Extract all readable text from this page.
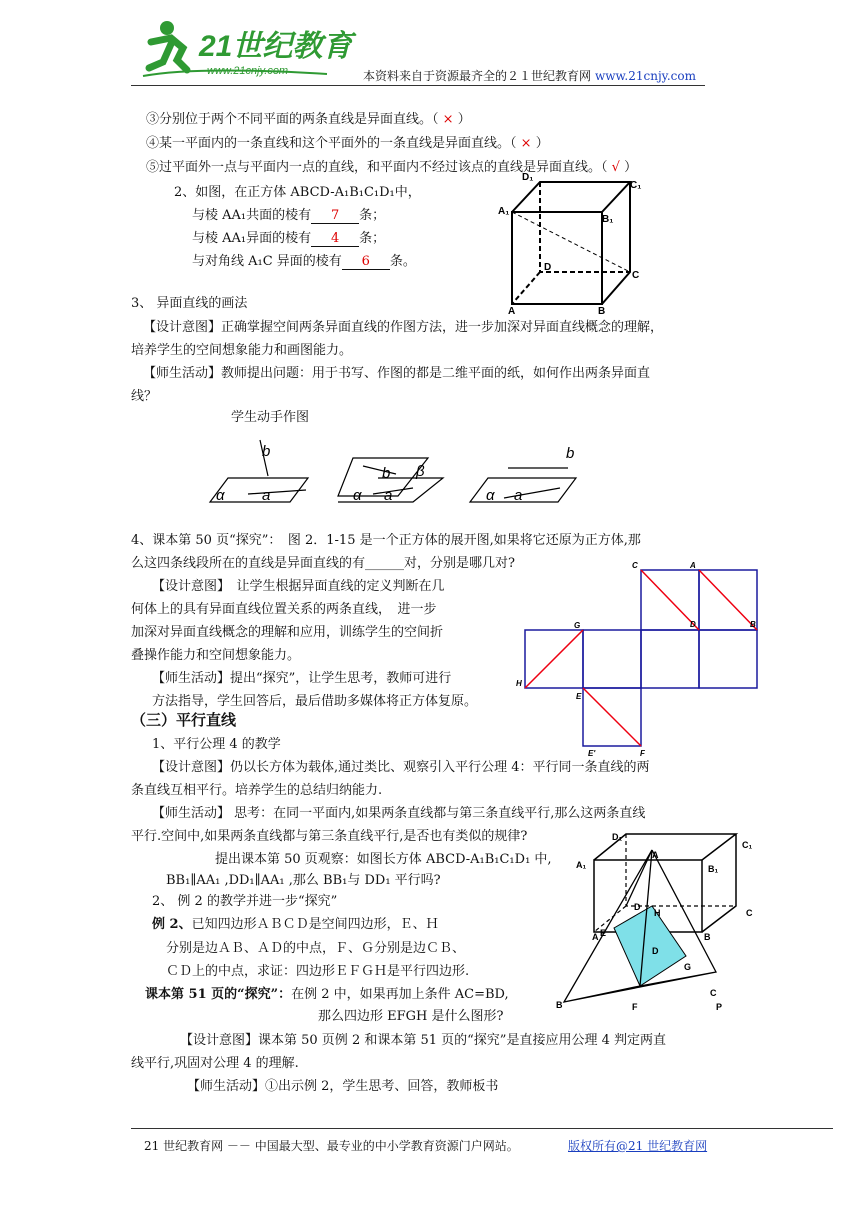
21世纪教育
www.21cnjy.com	本资料来自于资源最齐全的２１世纪教育网 www.21cnjy.com
③分别位于两个不同平面的两条直线是异面直线。（ × ）
④某一平面内的一条直线和这个平面外的一条直线是异面直线。（ × ）
⑤过平面外一点与平面内一点的直线，和平面内不经过该点的直线是异面直线。（ √ ）
2、如图，在正方体 ABCD-A₁B₁C₁D₁中，
与棱 AA₁共面的棱有 7 条；
与棱 AA₁异面的棱有 4 条；
与对角线 A₁C 异面的棱有 6 条。
A₁
D₁
C₁
B₁
D
C
A	B
3、 异面直线的画法
【设计意图】正确掌握空间两条异面直线的作图方法，进一步加深对异面直线概念的理解，
培养学生的空间想象能力和画图能力。
【师生活动】教师提出问题：用于书写、作图的都是二维平面的纸，如何作出两条异面直
线？
学生动手作图
b
α a
b β
α a
b
α a
4、课本第 50 页“探究”：　图 2．1-15 是一个正方体的展开图,如果将它还原为正方体,那
么这四条线段所在的直线是异面直线的有______对，分别是哪几对?
【设计意图】　让学生根据异面直线的定义判断在几
何体上的具有异面直线位置关系的两条直线，　进一步
加深对异面直线概念的理解和应用，训练学生的空间折
叠操作能力和空间想象能力。
【师生活动】提出“探究”，让学生思考，教师可进行
方法指导，学生回答后，最后借助多媒体将正方体复原。
C	A
G	D	B
H
E
E'	F
（三）平行直线
1、平行公理 4 的教学
【设计意图】仍以长方体为载体,通过类比、观察引入平行公理 4：平行同一条直线的两
条直线互相平行。培养学生的总结归纳能力.
【师生活动】 思考：在同一平面内,如果两条直线都与第三条直线平行,那么这两条直线
平行.空间中,如果两条直线都与第三条直线平行,是否也有类似的规律?
提出课本第 50 页观察：如图长方体 ABCD-A₁B₁C₁D₁ 中,
BB₁∥AA₁ ,DD₁∥AA₁ ,那么 BB₁与 DD₁ 平行吗?
2、 例 2 的教学并进一步“探究”
例 2、已知四边形ＡＢＣＤ是空间四边形，Ｅ、Ｈ
分别是边ＡＢ、ＡＤ的中点，Ｆ、Ｇ分别是边ＣＢ、
ＣＤ上的中点，求证：四边形ＥＦＧＨ是平行四边形.
课本第 51 页的“探究”：在例 2 中，如果再加上条件 AC=BD,
那么四边形 EFGH 是什么图形?
【设计意图】课本第 50 页例 2 和课本第 51 页的“探究”是直接应用公理 4 判定两直
线平行,巩固对公理 4 的理解.
【师生活动】①出示例 2，学生思考、回答，教师板书
A₁
D₁
C₁
B₁
C
B
A
D
A
H
E
D
G
C
P
F
B
21 世纪教育网 －－ 中国最大型、最专业的中小学教育资源门户网站。	版权所有@21 世纪教育网
